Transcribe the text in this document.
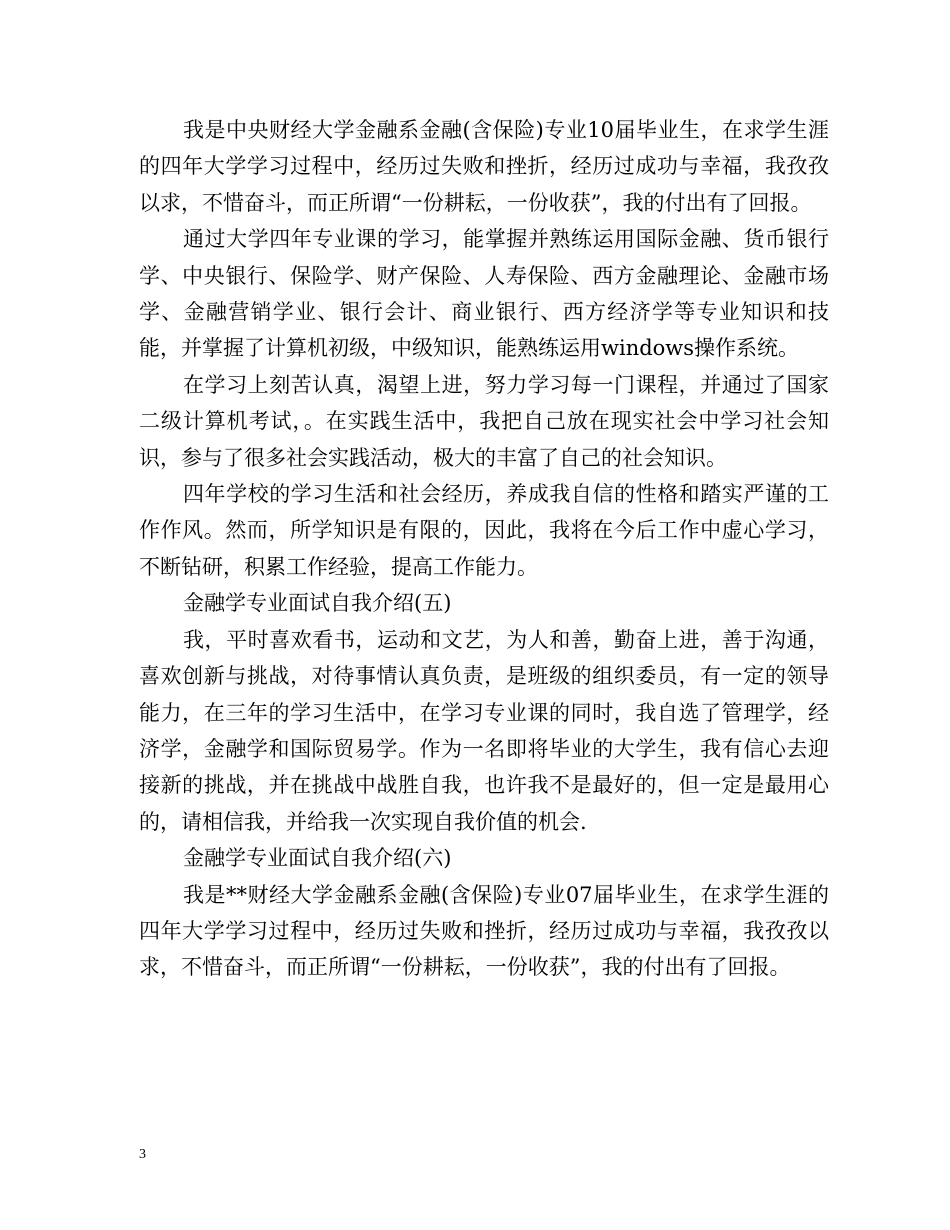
我是中央财经大学金融系金融(含保险)专业10届毕业生，在求学生涯的四年大学学习过程中，经历过失败和挫折，经历过成功与幸福，我孜孜以求，不惜奋斗，而正所谓“一份耕耘，一份收获”，我的付出有了回报。

通过大学四年专业课的学习，能掌握并熟练运用国际金融、货币银行学、中央银行、保险学、财产保险、人寿保险、西方金融理论、金融市场学、金融营销学业、银行会计、商业银行、西方经济学等专业知识和技能，并掌握了计算机初级，中级知识，能熟练运用windows操作系统。

在学习上刻苦认真，渴望上进，努力学习每一门课程，并通过了国家二级计算机考试，。在实践生活中，我把自己放在现实社会中学习社会知识，参与了很多社会实践活动，极大的丰富了自己的社会知识。

四年学校的学习生活和社会经历，养成我自信的性格和踏实严谨的工作作风。然而，所学知识是有限的，因此，我将在今后工作中虚心学习，不断钻研，积累工作经验，提高工作能力。

金融学专业面试自我介绍(五)

我，平时喜欢看书，运动和文艺，为人和善，勤奋上进，善于沟通，喜欢创新与挑战，对待事情认真负责，是班级的组织委员，有一定的领导能力，在三年的学习生活中，在学习专业课的同时，我自选了管理学，经济学，金融学和国际贸易学。作为一名即将毕业的大学生，我有信心去迎接新的挑战，并在挑战中战胜自我，也许我不是最好的，但一定是最用心的，请相信我，并给我一次实现自我价值的机会.

金融学专业面试自我介绍(六)

我是**财经大学金融系金融(含保险)专业07届毕业生，在求学生涯的四年大学学习过程中，经历过失败和挫折，经历过成功与幸福，我孜孜以求，不惜奋斗，而正所谓“一份耕耘，一份收获”，我的付出有了回报。

3
